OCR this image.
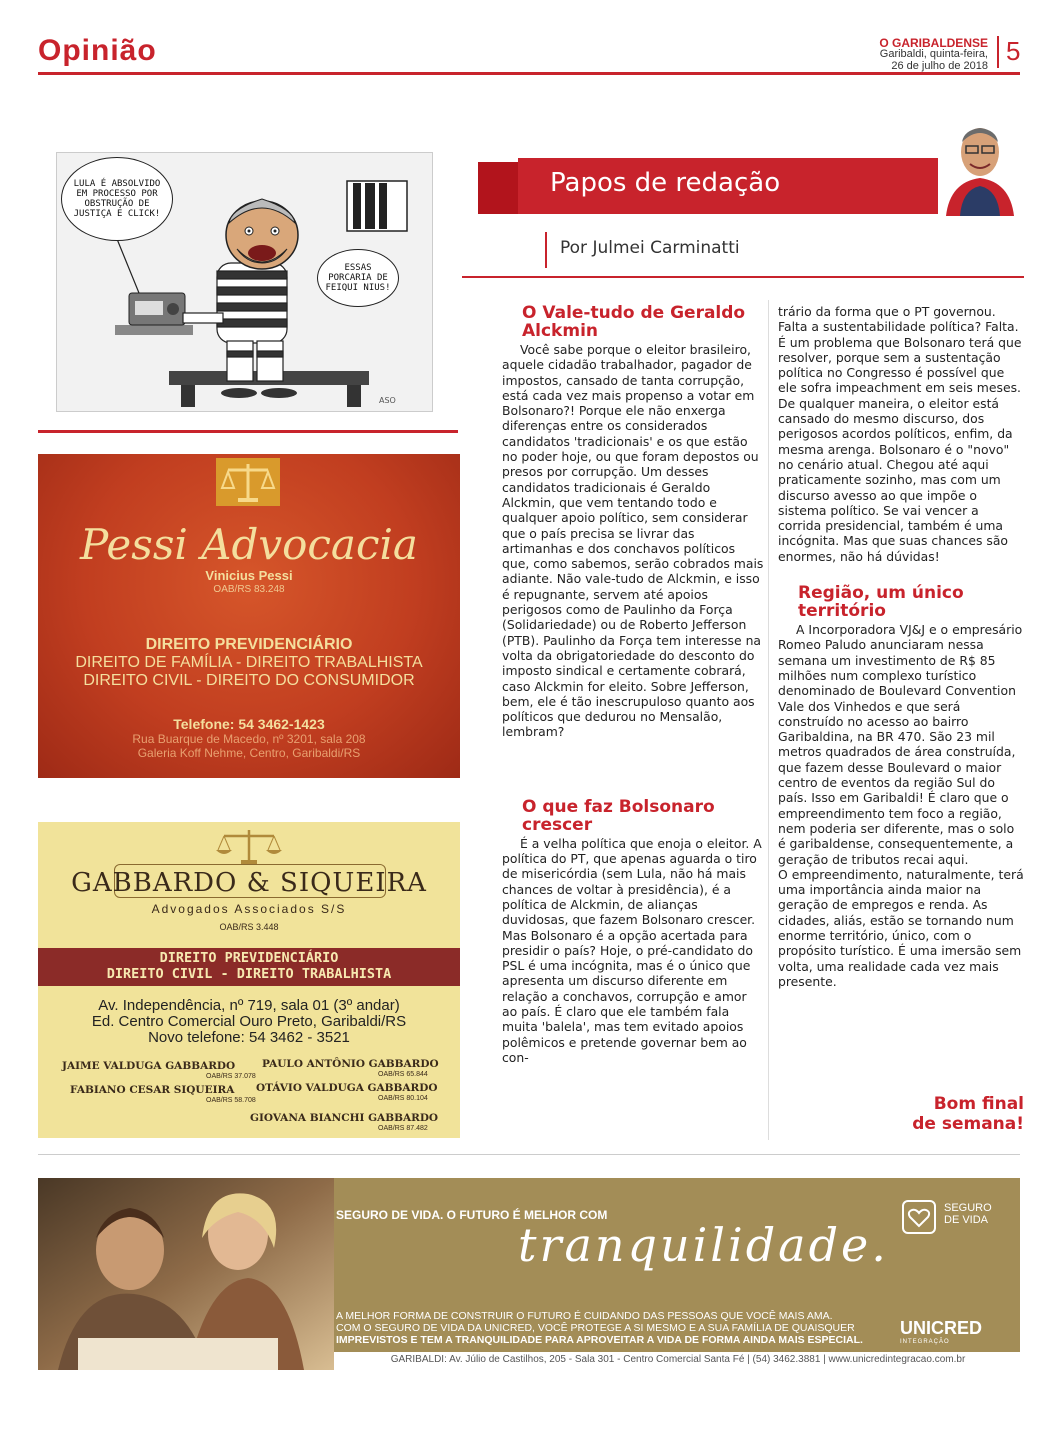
Opinião	O GARIBALDENSE
Garibaldi, quinta-feira,
26 de julho de 2018 5
ASO
LULA É ABSOLVIDO EM PROCESSO POR OBSTRUÇÃO DE JUSTIÇA E CLICK!
ESSAS PORCARIA DE FEIQUI NIUS!
Papos de redação
Por Julmei Carminatti
O Vale-tudo de Geraldo Alckmin

Você sabe porque o eleitor brasileiro, aquele cidadão trabalhador, pagador de impostos, cansado de tanta corrupção, está cada vez mais propenso a votar em Bolsonaro?! Porque ele não enxerga diferenças entre os considerados candidatos 'tradicionais' e os que estão no poder hoje, ou que foram depostos ou presos por corrupção. Um desses candidatos tradicionais é Geraldo Alckmin, que vem tentando todo e qualquer apoio político, sem considerar que o país precisa se livrar das artimanhas e dos conchavos políticos que, como sabemos, serão cobrados mais adiante. Não vale-tudo de Alckmin, e isso é repugnante, servem até apoios perigosos como de Paulinho da Força (Solidariedade) ou de Roberto Jefferson (PTB). Paulinho da Força tem interesse na volta da obrigatoriedade do desconto do imposto sindical e certamente cobrará, caso Alckmin for eleito. Sobre Jefferson, bem, ele é tão inescrupuloso quanto aos políticos que dedurou no Mensalão, lembram?

O que faz Bolsonaro crescer

É a velha política que enoja o eleitor. A política do PT, que apenas aguarda o tiro de misericórdia (sem Lula, não há mais chances de voltar à presidência), é a política de Alckmin, de alianças duvidosas, que fazem Bolsonaro crescer. Mas Bolsonaro é a opção acertada para presidir o país? Hoje, o pré-candidato do PSL é uma incógnita, mas é o único que apresenta um discurso diferente em relação a conchavos, corrupção e amor ao país. É claro que ele também fala muita 'balela', mas tem evitado apoios polêmicos e pretende governar bem ao con-

trário da forma que o PT governou. Falta a sustentabilidade política? Falta. É um problema que Bolsonaro terá que resolver, porque sem a sustentação política no Congresso é possível que ele sofra impeachment em seis meses. De qualquer maneira, o eleitor está cansado do mesmo discurso, dos perigosos acordos políticos, enfim, da mesma arenga. Bolsonaro é o "novo" no cenário atual. Chegou até aqui praticamente sozinho, mas com um discurso avesso ao que impõe o sistema político. Se vai vencer a corrida presidencial, também é uma incógnita. Mas que suas chances são enormes, não há dúvidas!

Região, um único território

A Incorporadora VJ&J e o empresário Romeo Paludo anunciaram nessa semana um investimento de R$ 85 milhões num complexo turístico denominado de Boulevard Convention Vale dos Vinhedos e que será construído no acesso ao bairro Garibaldina, na BR 470. São 23 mil metros quadrados de área construída, que fazem desse Boulevard o maior centro de eventos da região Sul do país. Isso em Garibaldi! É claro que o empreendimento tem foco a região, nem poderia ser diferente, mas o solo é garibaldense, consequentemente, a geração de tributos recai aqui.

O empreendimento, naturalmente, terá uma importância ainda maior na geração de empregos e renda. As cidades, aliás, estão se tornando num enorme território, único, com o propósito turístico. É uma imersão sem volta, uma realidade cada vez mais presente.

Bom final
de semana!
Pessi Advocacia
Vinicius Pessi
OAB/RS 83.248
DIREITO PREVIDENCIÁRIO
DIREITO DE FAMÍLIA - DIREITO TRABALHISTA
DIREITO CIVIL - DIREITO DO CONSUMIDOR
Telefone: 54 3462-1423
Rua Buarque de Macedo, nº 3201, sala 208
Galeria Koff Nehme, Centro, Garibaldi/RS
GABBARDO & SIQUEIRA
Advogados Associados S/S
OAB/RS 3.448
DIREITO PREVIDENCIÁRIO
DIREITO CIVIL - DIREITO TRABALHISTA
Av. Independência, nº 719, sala 01 (3º andar)
Ed. Centro Comercial Ouro Preto, Garibaldi/RS
Novo telefone: 54 3462 - 3521
JAIME VALDUGA GABBARDO
OAB/RS 37.078
PAULO ANTÔNIO GABBARDO
OAB/RS 65.844
FABIANO CESAR SIQUEIRA
OAB/RS 58.708
OTÁVIO VALDUGA GABBARDO
OAB/RS 80.104
GIOVANA BIANCHI GABBARDO
OAB/RS 87.482
SEGURO DE VIDA. O FUTURO É MELHOR COM
tranquilidade.
SEGURO
DE VIDA
A MELHOR FORMA DE CONSTRUIR O FUTURO É CUIDANDO DAS PESSOAS QUE VOCÊ MAIS AMA.
COM O SEGURO DE VIDA DA UNICRED, VOCÊ PROTEGE A SI MESMO E A SUA FAMÍLIA DE QUAISQUER
IMPREVISTOS E TEM A TRANQUILIDADE PARA APROVEITAR A VIDA DE FORMA AINDA MAIS ESPECIAL.
UNICRED
INTEGRAÇÃO
GARIBALDI: Av. Júlio de Castilhos, 205 - Sala 301 - Centro Comercial Santa Fé | (54) 3462.3881 | www.unicredintegracao.com.br
